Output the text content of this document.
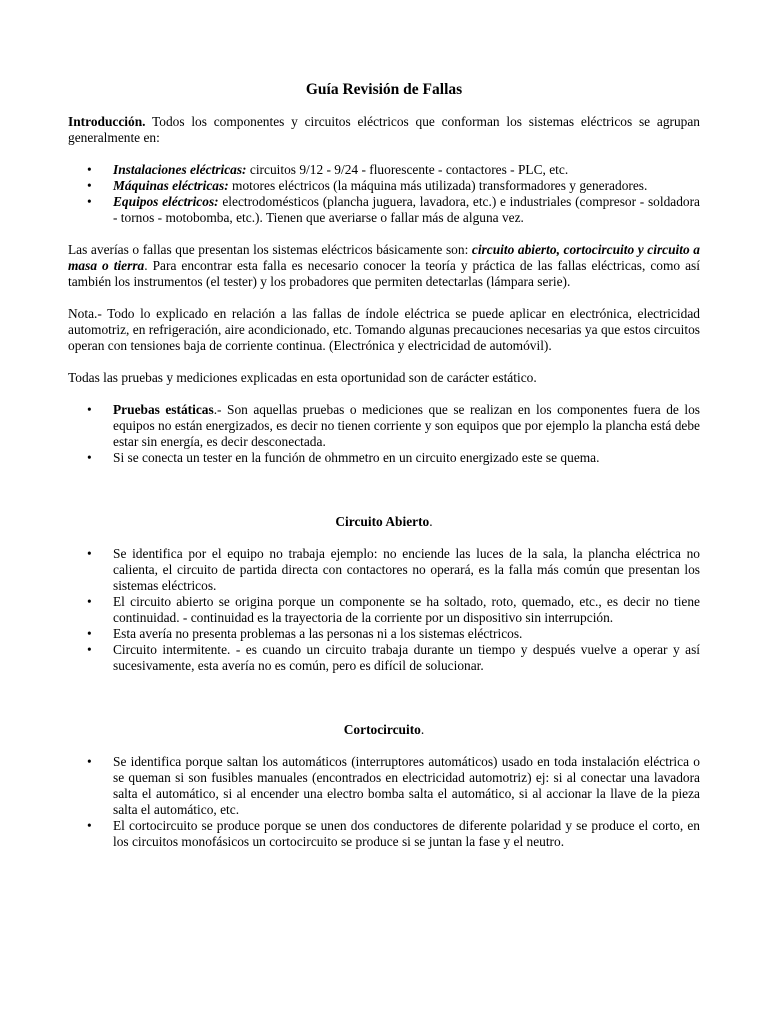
Guía Revisión de Fallas

Introducción. Todos los componentes y circuitos eléctricos que conforman los sistemas eléctricos se agrupan generalmente en:

• Instalaciones eléctricas: circuitos 9/12 - 9/24 - fluorescente - contactores - PLC, etc.
• Máquinas eléctricas: motores eléctricos (la máquina más utilizada) transformadores y generadores.
• Equipos eléctricos: electrodomésticos (plancha juguera, lavadora, etc.) e industriales (compresor - soldadora - tornos - motobomba, etc.). Tienen que averiarse o fallar más de alguna vez.

Las averías o fallas que presentan los sistemas eléctricos básicamente son: circuito abierto, cortocircuito y circuito a masa o tierra. Para encontrar esta falla es necesario conocer la teoría y práctica de las fallas eléctricas, como así también los instrumentos (el tester) y los probadores que permiten detectarlas (lámpara serie).

Nota.- Todo lo explicado en relación a las fallas de índole eléctrica se puede aplicar en electrónica, electricidad automotriz, en refrigeración, aire acondicionado, etc. Tomando algunas precauciones necesarias ya que estos circuitos operan con tensiones baja de corriente continua. (Electrónica y electricidad de automóvil).

Todas las pruebas y mediciones explicadas en esta oportunidad son de carácter estático.

• Pruebas estáticas.- Son aquellas pruebas o mediciones que se realizan en los componentes fuera de los equipos no están energizados, es decir no tienen corriente y son equipos que por ejemplo la plancha está debe estar sin energía, es decir desconectada.
• Si se conecta un tester en la función de ohmmetro en un circuito energizado este se quema.

Circuito Abierto.

• Se identifica por el equipo no trabaja ejemplo: no enciende las luces de la sala, la plancha eléctrica no calienta, el circuito de partida directa con contactores no operará, es la falla más común que presentan los sistemas eléctricos.
• El circuito abierto se origina porque un componente se ha soltado, roto, quemado, etc., es decir no tiene continuidad. - continuidad es la trayectoria de la corriente por un dispositivo sin interrupción.
• Esta avería no presenta problemas a las personas ni a los sistemas eléctricos.
• Circuito intermitente. - es cuando un circuito trabaja durante un tiempo y después vuelve a operar y así sucesivamente, esta avería no es común, pero es difícil de solucionar.

Cortocircuito.

• Se identifica porque saltan los automáticos (interruptores automáticos) usado en toda instalación eléctrica o se queman si son fusibles manuales (encontrados en electricidad automotriz) ej: si al conectar una lavadora salta el automático, si al encender una electro bomba salta el automático, si al accionar la llave de la pieza salta el automático, etc.
• El cortocircuito se produce porque se unen dos conductores de diferente polaridad y se produce el corto, en los circuitos monofásicos un cortocircuito se produce si se juntan la fase y el neutro.
